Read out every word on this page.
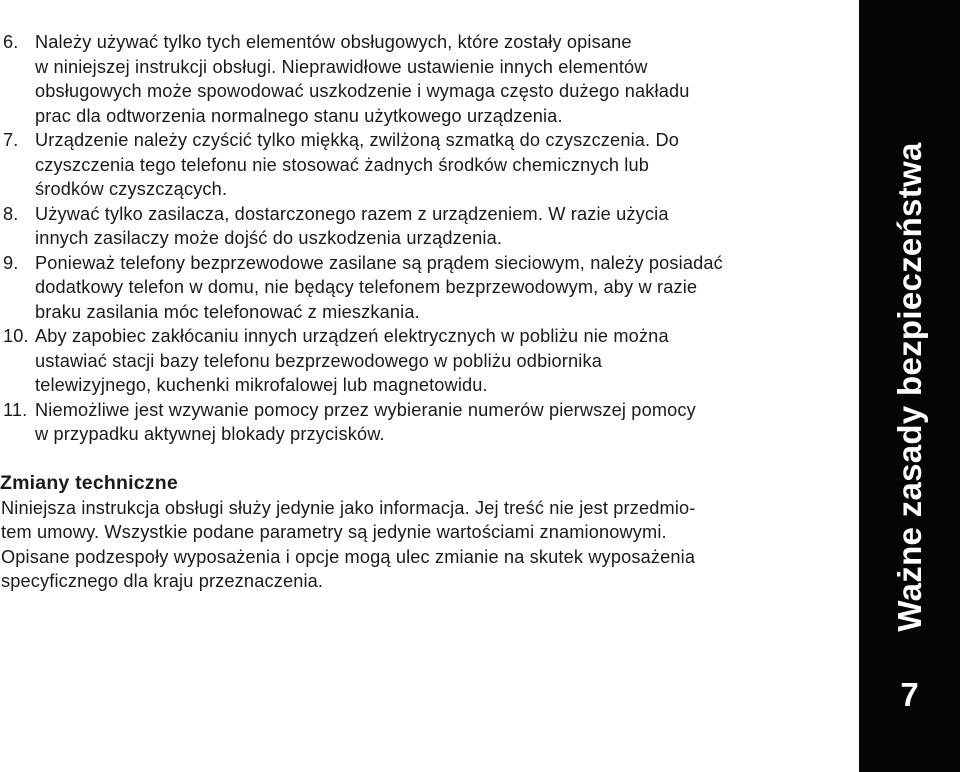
6. Należy używać tylko tych elementów obsługowych, które zostały opisane
w niniejszej instrukcji obsługi. Nieprawidłowe ustawienie innych elementów
obsługowych może spowodować uszkodzenie i wymaga często dużego nakładu
prac dla odtworzenia normalnego stanu użytkowego urządzenia.

7. Urządzenie należy czyścić tylko miękką, zwilżoną szmatką do czyszczenia. Do
czyszczenia tego telefonu nie stosować żadnych środków chemicznych lub
środków czyszczących.

8. Używać tylko zasilacza, dostarczonego razem z urządzeniem. W razie użycia
innych zasilaczy może dojść do uszkodzenia urządzenia.

9. Ponieważ telefony bezprzewodowe zasilane są prądem sieciowym, należy posiadać
dodatkowy telefon w domu, nie będący telefonem bezprzewodowym, aby w razie
braku zasilania móc telefonować z mieszkania.

10. Aby zapobiec zakłócaniu innych urządzeń elektrycznych w pobliżu nie można
ustawiać stacji bazy telefonu bezprzewodowego w pobliżu odbiornika
telewizyjnego, kuchenki mikrofalowej lub magnetowidu.

11. Niemożliwe jest wzywanie pomocy przez wybieranie numerów pierwszej pomocy
w przypadku aktywnej blokady przycisków.

Zmiany techniczne

Niniejsza instrukcja obsługi służy jedynie jako informacja. Jej treść nie jest przedmio-
tem umowy. Wszystkie podane parametry są jedynie wartościami znamionowymi.
Opisane podzespoły wyposażenia i opcje mogą ulec zmianie na skutek wyposażenia
specyficznego dla kraju przeznaczenia.	Ważne zasady bezpieczeństwa
7
